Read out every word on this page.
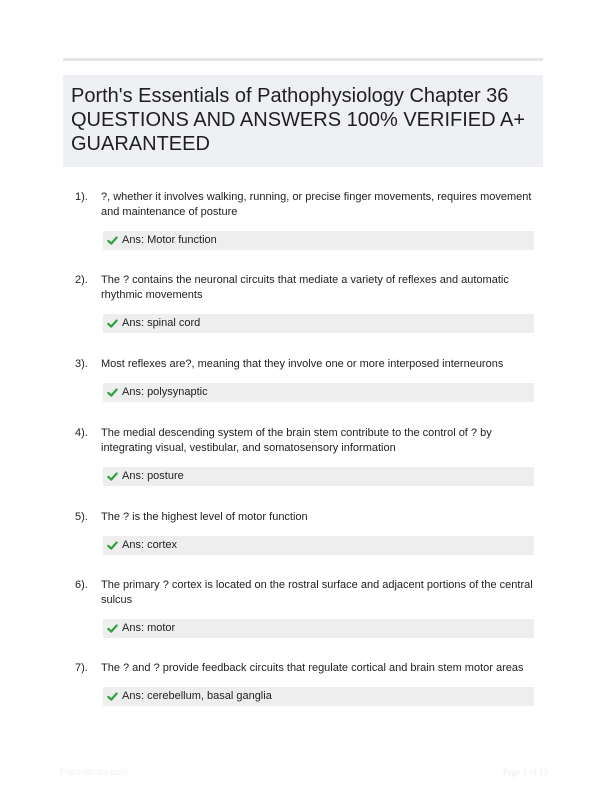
Porth's Essentials of Pathophysiology Chapter 36 QUESTIONS AND ANSWERS 100% VERIFIED A+ GUARANTEED
1). ?, whether it involves walking, running, or precise finger movements, requires movement and maintenance of posture
Ans: Motor function
2). The ? contains the neuronal circuits that mediate a variety of reflexes and automatic rhythmic movements
Ans: spinal cord
3). Most reflexes are?, meaning that they involve one or more interposed interneurons
Ans: polysynaptic
4). The medial descending system of the brain stem contribute to the control of ? by integrating visual, vestibular, and somatosensory information
Ans: posture
5). The ? is the highest level of motor function
Ans: cortex
6). The primary ? cortex is located on the rostral surface and adjacent portions of the central sulcus
Ans: motor
7). The ? and ? provide feedback circuits that regulate cortical and brain stem motor areas
Ans: cerebellum, basal ganglia
Paperlibrary.com	Page 1 of 13
